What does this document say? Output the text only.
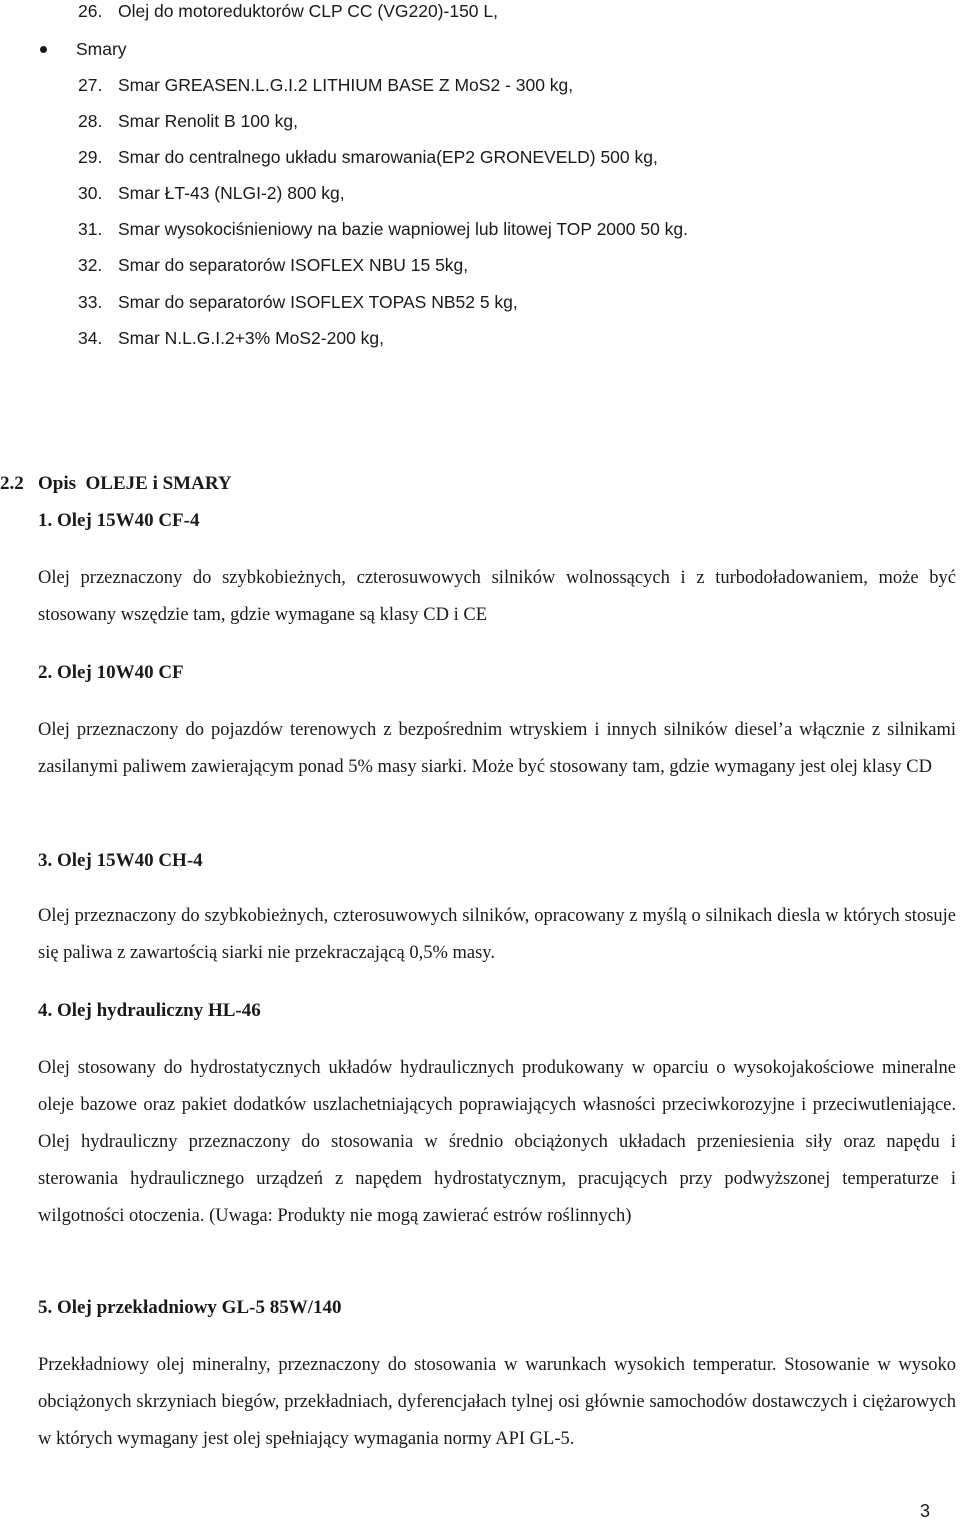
26. Olej do motoreduktorów CLP CC (VG220)-150 L,
Smary
27. Smar GREASEN.L.G.I.2 LITHIUM BASE Z MoS2 - 300 kg,
28. Smar Renolit B 100 kg,
29. Smar do centralnego układu smarowania(EP2 GRONEVELD) 500 kg,
30. Smar ŁT-43 (NLGI-2) 800 kg,
31. Smar wysokociśnieniowy na bazie wapniowej lub litowej TOP 2000 50 kg.
32. Smar do separatorów ISOFLEX NBU 15 5kg,
33. Smar do separatorów ISOFLEX TOPAS NB52 5 kg,
34. Smar N.L.G.I.2+3% MoS2-200 kg,
2.2   Opis  OLEJE i SMARY
1. Olej 15W40 CF-4
Olej przeznaczony do szybkobieżnych, czterosuwowych silników wolnossących i z turbodoładowaniem, może być stosowany wszędzie tam, gdzie wymagane są klasy CD i CE
2. Olej 10W40 CF
Olej przeznaczony do pojazdów terenowych z bezpośrednim wtryskiem i innych silników diesel’a włącznie z silnikami zasilanymi paliwem zawierającym ponad 5% masy siarki. Może być stosowany tam, gdzie wymagany jest olej klasy CD
3. Olej 15W40 CH-4
Olej przeznaczony do szybkobieżnych, czterosuwowych silników, opracowany z myślą o silnikach diesla w których stosuje się paliwa z zawartością siarki nie przekraczającą 0,5% masy.
4. Olej hydrauliczny HL-46
Olej stosowany do hydrostatycznych układów hydraulicznych produkowany w oparciu o wysokojakościowe mineralne oleje bazowe oraz pakiet dodatków uszlachetniających poprawiających własności przeciwkorozyjne i przeciwutleniające. Olej hydrauliczny przeznaczony do stosowania w średnio obciążonych układach przeniesienia siły oraz napędu i sterowania hydraulicznego urządzeń z napędem hydrostatycznym, pracujących przy podwyższonej temperaturze i wilgotności otoczenia. (Uwaga: Produkty nie mogą zawierać estrów roślinnych)
5. Olej przekładniowy GL-5 85W/140
Przekładniowy olej mineralny, przeznaczony do stosowania w warunkach wysokich temperatur. Stosowanie w wysoko obciążonych skrzyniach biegów, przekładniach, dyferencjałach tylnej osi głównie samochodów dostawczych i ciężarowych w których wymagany jest olej spełniający wymagania normy API GL-5.
3
